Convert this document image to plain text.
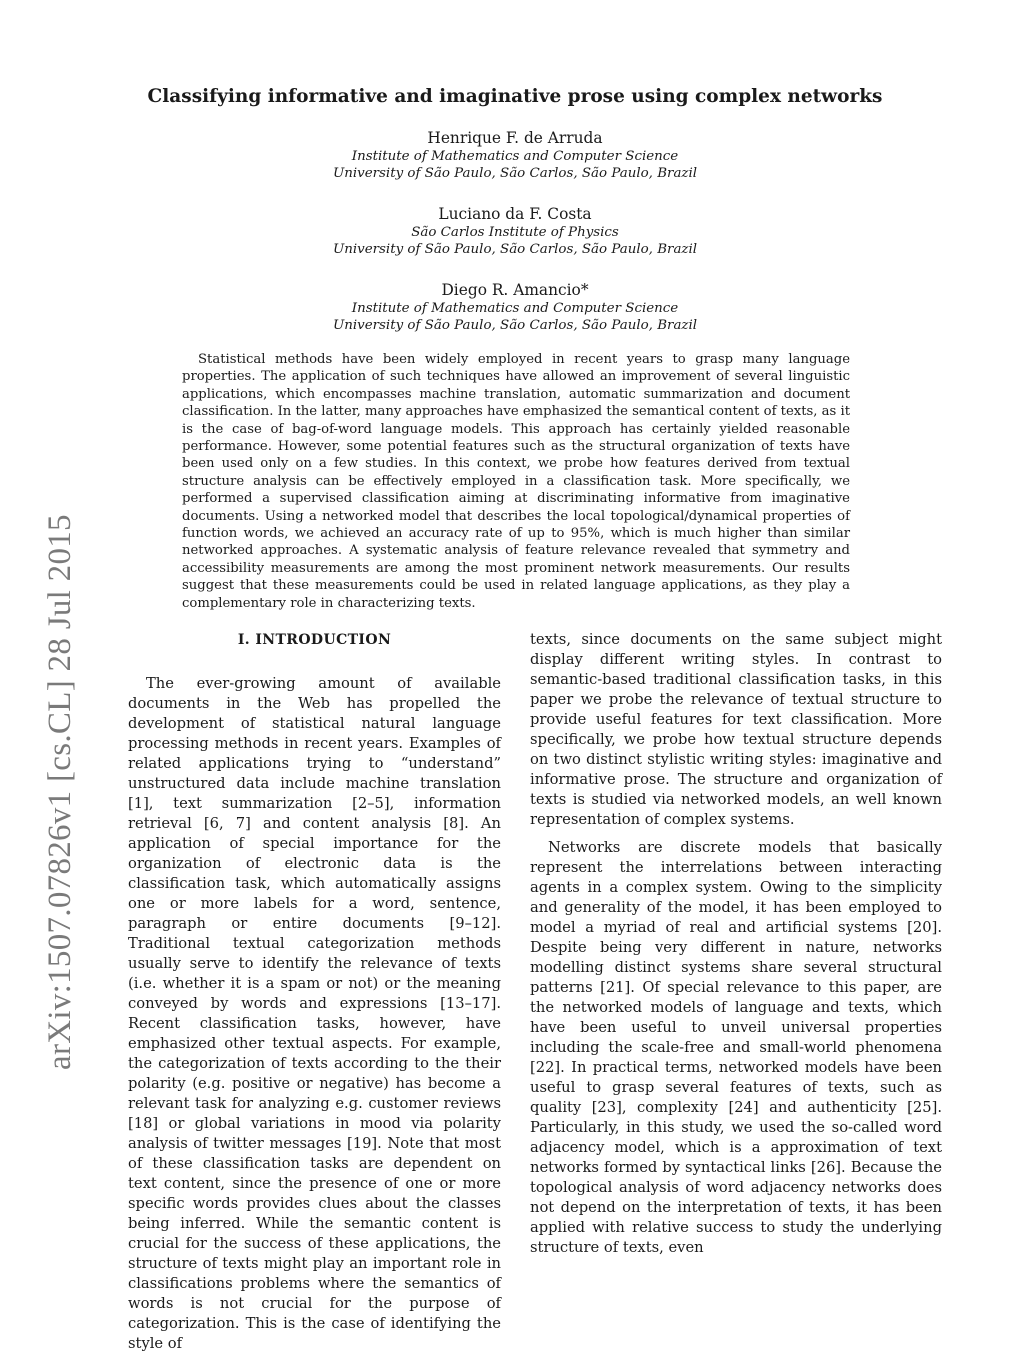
arXiv:1507.07826v1 [cs.CL] 28 Jul 2015
Classifying informative and imaginative prose using complex networks
Henrique F. de Arruda
Institute of Mathematics and Computer Science
University of São Paulo, São Carlos, São Paulo, Brazil
Luciano da F. Costa
São Carlos Institute of Physics
University of São Paulo, São Carlos, São Paulo, Brazil
Diego R. Amancio*
Institute of Mathematics and Computer Science
University of São Paulo, São Carlos, São Paulo, Brazil

Statistical methods have been widely employed in recent years to grasp many language properties. The application of such techniques have allowed an improvement of several linguistic applications, which encompasses machine translation, automatic summarization and document classification. In the latter, many approaches have emphasized the semantical content of texts, as it is the case of bag-of-word language models. This approach has certainly yielded reasonable performance. However, some potential features such as the structural organization of texts have been used only on a few studies. In this context, we probe how features derived from textual structure analysis can be effectively employed in a classification task. More specifically, we performed a supervised classification aiming at discriminating informative from imaginative documents. Using a networked model that describes the local topological/dynamical properties of function words, we achieved an accuracy rate of up to 95%, which is much higher than similar networked approaches. A systematic analysis of feature relevance revealed that symmetry and accessibility measurements are among the most prominent network measurements. Our results suggest that these measurements could be used in related language applications, as they play a complementary role in characterizing texts.

I. INTRODUCTION

The ever-growing amount of available documents in the Web has propelled the development of statistical natural language processing methods in recent years. Examples of related applications trying to “understand” unstructured data include machine translation [1], text summarization [2–5], information retrieval [6, 7] and content analysis [8]. An application of special importance for the organization of electronic data is the classification task, which automatically assigns one or more labels for a word, sentence, paragraph or entire documents [9–12]. Traditional textual categorization methods usually serve to identify the relevance of texts (i.e. whether it is a spam or not) or the meaning conveyed by words and expressions [13–17]. Recent classification tasks, however, have emphasized other textual aspects. For example, the categorization of texts according to the their polarity (e.g. positive or negative) has become a relevant task for analyzing e.g. customer reviews [18] or global variations in mood via polarity analysis of twitter messages [19]. Note that most of these classification tasks are dependent on text content, since the presence of one or more specific words provides clues about the classes being inferred. While the semantic content is crucial for the success of these applications, the structure of texts might play an important role in classifications problems where the semantics of words is not crucial for the purpose of categorization. This is the case of identifying the style of

texts, since documents on the same subject might display different writing styles. In contrast to semantic-based traditional classification tasks, in this paper we probe the relevance of textual structure to provide useful features for text classification. More specifically, we probe how textual structure depends on two distinct stylistic writing styles: imaginative and informative prose. The structure and organization of texts is studied via networked models, an well known representation of complex systems.

Networks are discrete models that basically represent the interrelations between interacting agents in a complex system. Owing to the simplicity and generality of the model, it has been employed to model a myriad of real and artificial systems [20]. Despite being very different in nature, networks modelling distinct systems share several structural patterns [21]. Of special relevance to this paper, are the networked models of language and texts, which have been useful to unveil universal properties including the scale-free and small-world phenomena [22]. In practical terms, networked models have been useful to grasp several features of texts, such as quality [23], complexity [24] and authenticity [25]. Particularly, in this study, we used the so-called word adjacency model, which is a approximation of text networks formed by syntactical links [26]. Because the topological analysis of word adjacency networks does not depend on the interpretation of texts, it has been applied with relative success to study the underlying structure of texts, even
